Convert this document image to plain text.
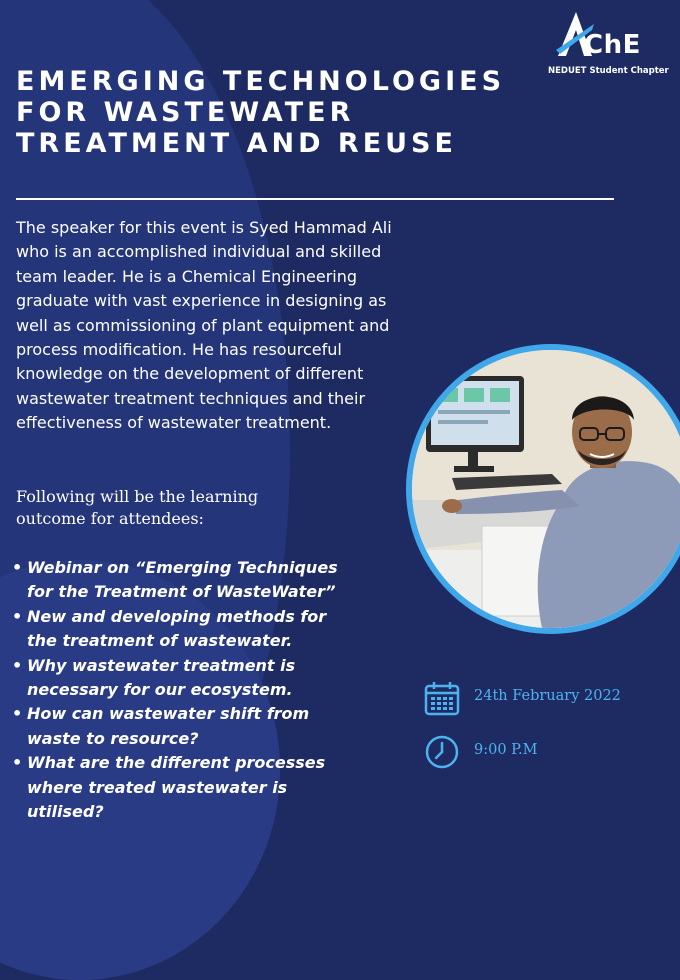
ChE
NEDUET Student Chapter
EMERGING TECHNOLOGIES FOR WASTEWATER TREATMENT AND REUSE
The speaker for this event is Syed Hammad Ali who is an accomplished individual and skilled team leader. He is a Chemical Engineering graduate with vast experience in designing as well as commissioning of plant equipment and process modification. He has resourceful knowledge on the development of different wastewater treatment techniques and their effectiveness of wastewater treatment.
Following will be the learning outcome for attendees:
• Webinar on “Emerging Techniques for the Treatment of WasteWater”
• New and developing methods for the treatment of wastewater.
• Why wastewater treatment is necessary for our ecosystem.
• How can wastewater shift from waste to resource?
• What are the different processes where treated wastewater is utilised?
24th February 2022
9:00 P.M
